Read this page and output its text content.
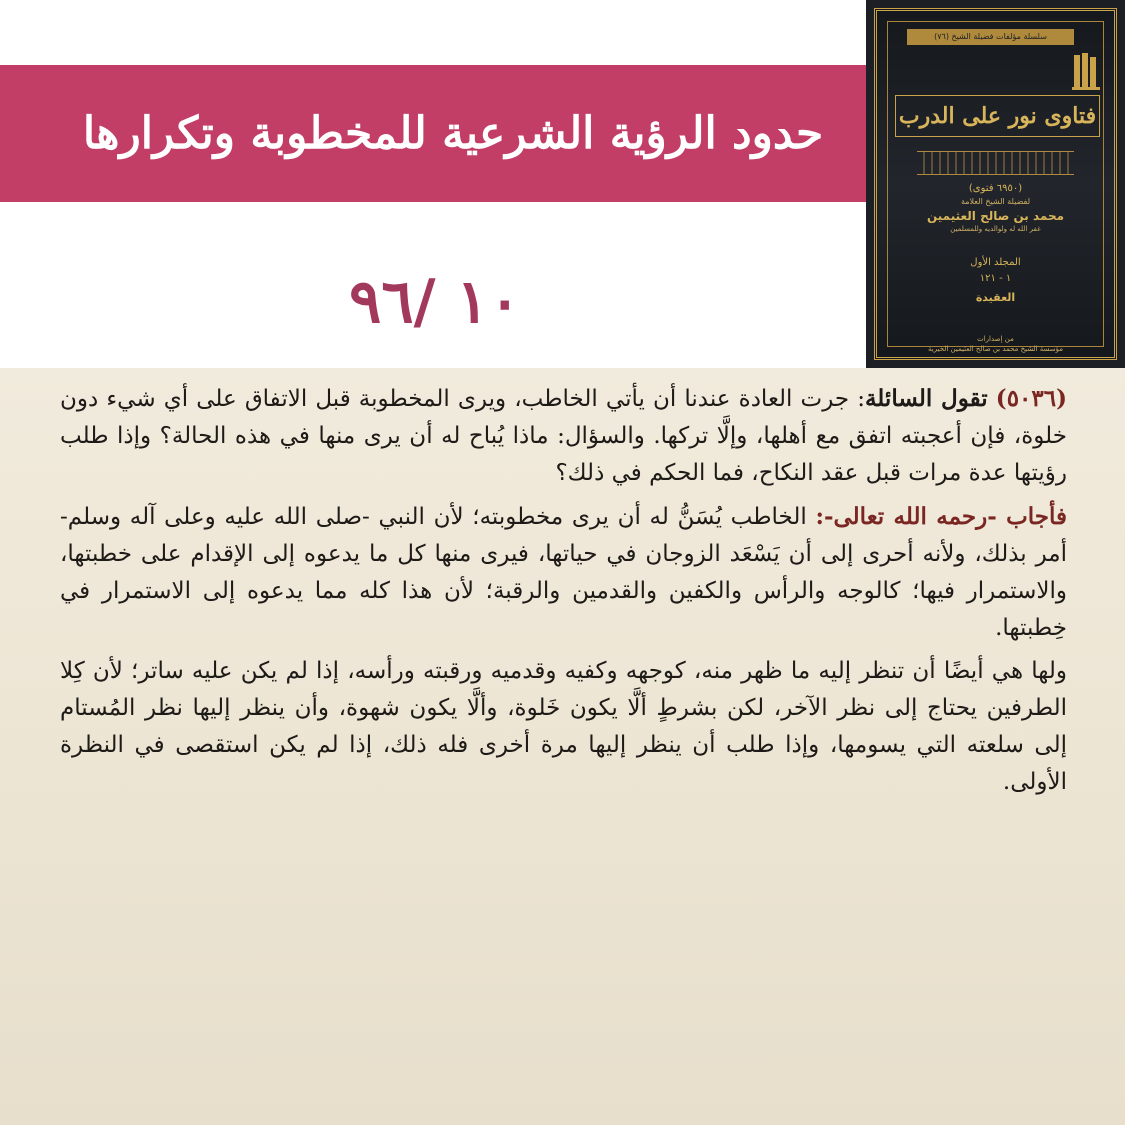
حدود الرؤية الشرعية للمخطوبة وتكرارها
١٠ /٩٦
سلسلة مؤلفات فضيلة الشيخ (٧٦)
فتاوى نور على الدرب
(٦٩٥٠ فتوى)
لفضيلة الشيخ العلامة
محمد بن صالح العثيمين
غفر الله له ولوالديه وللمسلمين
المجلد الأول
١ - ١٢١
العقيدة
من إصدارات
مؤسسة الشيخ محمد بن صالح العثيمين الخيرية

(٥٠٣٦) تقول السائلة: جرت العادة عندنا أن يأتي الخاطب، ويرى المخطوبة قبل الاتفاق على أي شيء دون خلوة، فإن أعجبته اتفق مع أهلها، وإلَّا تركها. والسؤال: ماذا يُباح له أن يرى منها في هذه الحالة؟ وإذا طلب رؤيتها عدة مرات قبل عقد النكاح، فما الحكم في ذلك؟

فأجاب -رحمه الله تعالى-: الخاطب يُسَنُّ له أن يرى مخطوبته؛ لأن النبي -صلى الله عليه وعلى آله وسلم- أمر بذلك، ولأنه أحرى إلى أن يَسْعَد الزوجان في حياتها، فيرى منها كل ما يدعوه إلى الإقدام على خطبتها، والاستمرار فيها؛ كالوجه والرأس والكفين والقدمين والرقبة؛ لأن هذا كله مما يدعوه إلى الاستمرار في خِطبتها.

ولها هي أيضًا أن تنظر إليه ما ظهر منه، كوجهه وكفيه وقدميه ورقبته ورأسه، إذا لم يكن عليه ساتر؛ لأن كِلا الطرفين يحتاج إلى نظر الآخر، لكن بشرطٍ ألَّا يكون خَلوة، وألَّا يكون شهوة، وأن ينظر إليها نظر المُستام إلى سلعته التي يسومها، وإذا طلب أن ينظر إليها مرة أخرى فله ذلك، إذا لم يكن استقصى في النظرة الأولى.
